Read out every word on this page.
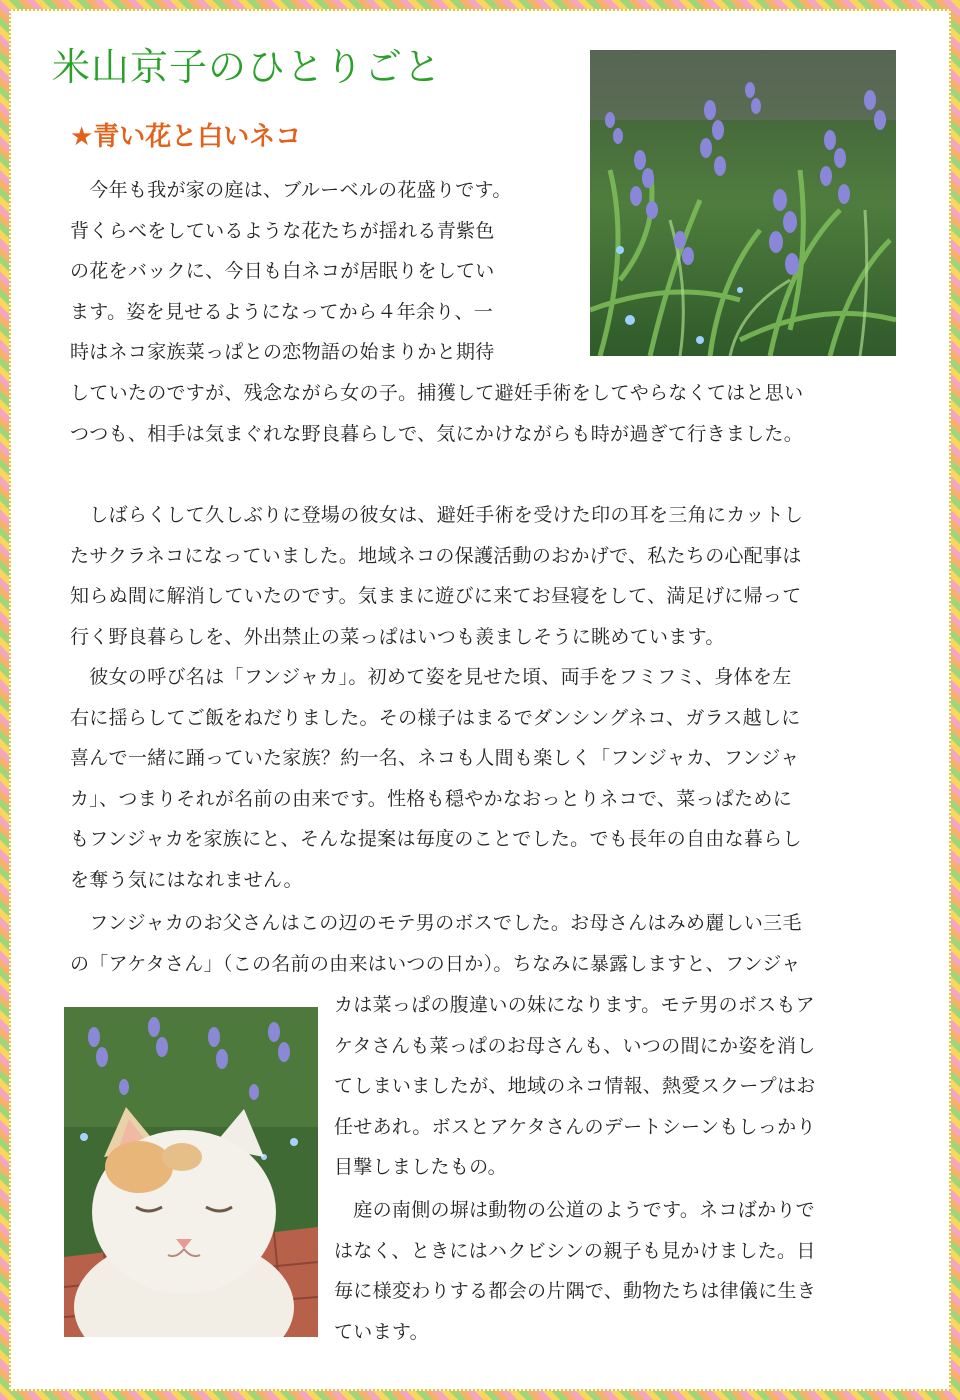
米山京子のひとりごと
★青い花と白いネコ

　今年も我が家の庭は、ブルーベルの花盛りです。
背くらべをしているような花たちが揺れる青紫色
の花をバックに、今日も白ネコが居眠りをしてい
ます。姿を見せるようになってから４年余り、一
時はネコ家族菜っぱとの恋物語の始まりかと期待

していたのですが、残念ながら女の子。捕獲して避妊手術をしてやらなくてはと思い
つつも、相手は気まぐれな野良暮らしで、気にかけながらも時が過ぎて行きました。

　しばらくして久しぶりに登場の彼女は、避妊手術を受けた印の耳を三角にカットし
たサクラネコになっていました。地域ネコの保護活動のおかげで、私たちの心配事は
知らぬ間に解消していたのです。気ままに遊びに来てお昼寝をして、満足げに帰って
行く野良暮らしを、外出禁止の菜っぱはいつも羨ましそうに眺めています。
　彼女の呼び名は「フンジャカ」。初めて姿を見せた頃、両手をフミフミ、身体を左
右に揺らしてご飯をねだりました。その様子はまるでダンシングネコ、ガラス越しに
喜んで一緒に踊っていた家族？約一名、ネコも人間も楽しく「フンジャカ、フンジャ
カ」、つまりそれが名前の由来です。性格も穏やかなおっとりネコで、菜っぱために
もフンジャカを家族にと、そんな提案は毎度のことでした。でも長年の自由な暮らし
を奪う気にはなれません。

　フンジャカのお父さんはこの辺のモテ男のボスでした。お母さんはみめ麗しい三毛
の「アケタさん」（この名前の由来はいつの日か）。ちなみに暴露しますと、フンジャ

カは菜っぱの腹違いの妹になります。モテ男のボスもア
ケタさんも菜っぱのお母さんも、いつの間にか姿を消し
てしまいましたが、地域のネコ情報、熱愛スクープはお
任せあれ。ボスとアケタさんのデートシーンもしっかり
目撃しましたもの。

　庭の南側の塀は動物の公道のようです。ネコばかりで
はなく、ときにはハクビシンの親子も見かけました。日
毎に様変わりする都会の片隅で、動物たちは律儀に生き
ています。
